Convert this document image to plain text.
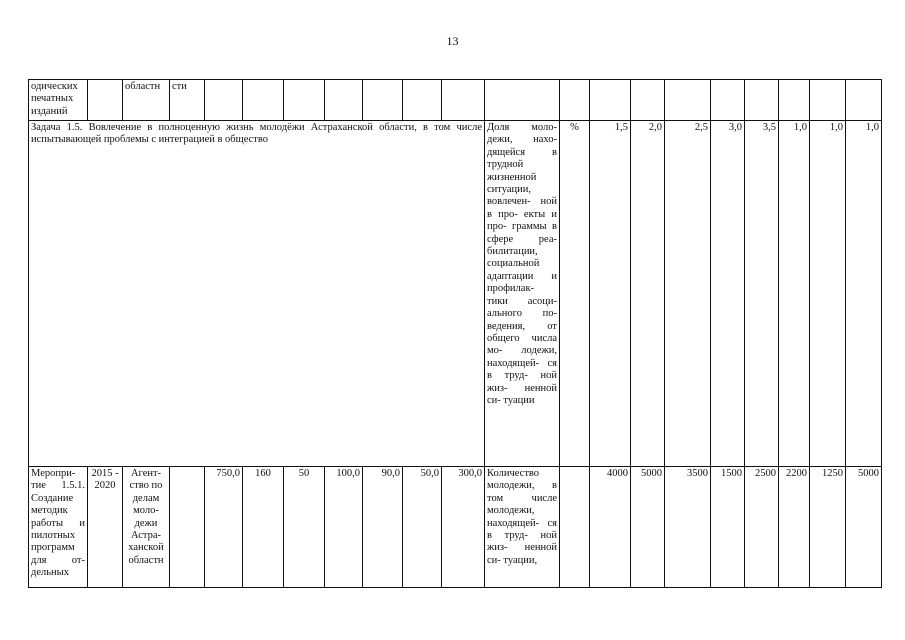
13
одических печатных изданий		областн	сти																	
Задача 1.5. Вовлечение в полноценную жизнь молодёжи Астраханской области, в том числе испытывающей проблемы с интеграцией в общество											Доля моло- дежи, нахо- дящейся в трудной жизненной ситуации, вовлечен- ной в про- екты и про- граммы в сфере реа- билитации, социальной адаптации и профилак- тики асоци- ального по- ведения, от общего числа мо- лодежи, находящей- ся в труд- ной жиз- ненной си- туации	%	1,5	2,0	2,5	3,0	3,5	1,0	1,0	1,0
Меропри- тие 1.5.1. Создание методик работы и пилотных программ для от- дельных	2015 - 2020	Агент- ство по делам моло- дежи Астра- ханской областн		750,0	160	50	100,0	90,0	50,0	300,0	Количество молодежи, в том числе молодежи, находящей- ся в труд- ной жиз- ненной си- туации,		4000	5000	3500	1500	2500	2200	1250	5000
